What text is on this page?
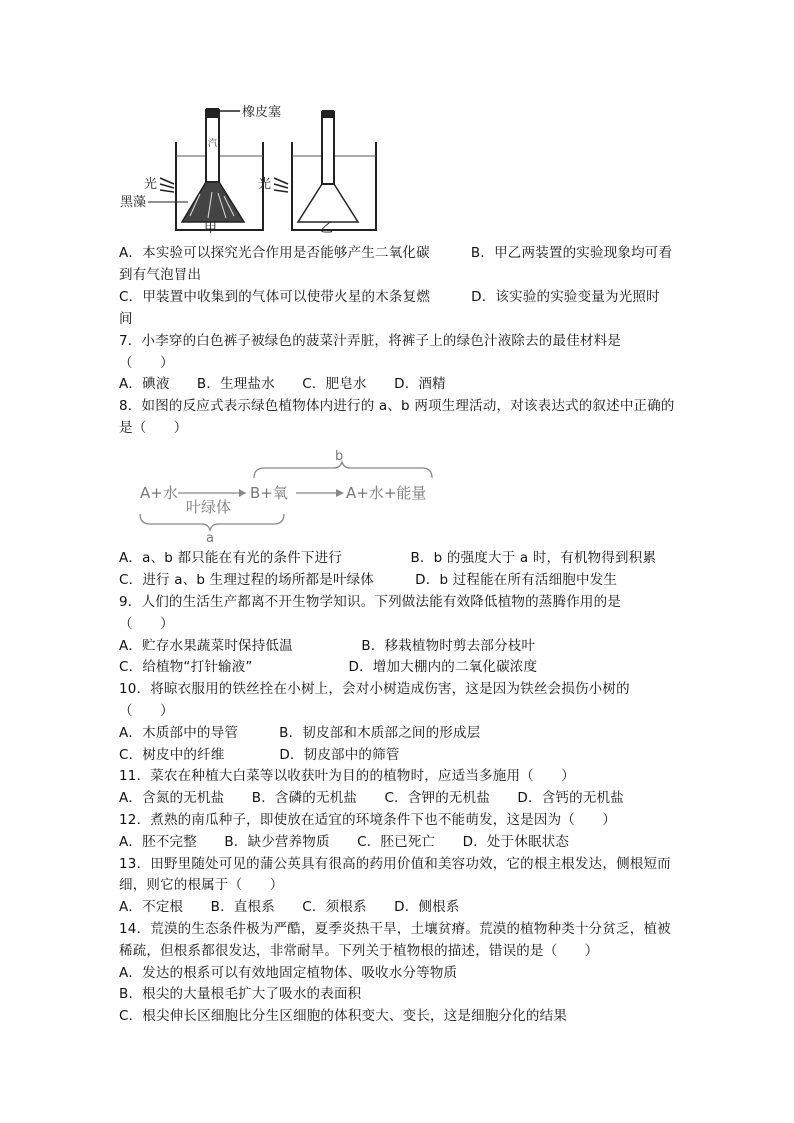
橡皮塞
汽
光
黑藻
甲
光
乙
A．本实验可以探究光合作用是否能够产生二氧化碳　　　B．甲乙两装置的实验现象均可看
到有气泡冒出
C．甲装置中收集到的气体可以使带火星的木条复燃　　　D．该实验的实验变量为光照时
间
7．小李穿的白色裤子被绿色的菠菜汁弄脏，将裤子上的绿色汁液除去的最佳材料是
（　　）
A．碘液　　B．生理盐水　　C．肥皂水　　D．酒精
8．如图的反应式表示绿色植物体内进行的 a、b 两项生理活动，对该表达式的叙述中正确的
是（　　）
b
A+水
叶绿体
B+氧	A+水+能量
a
A．a、b 都只能在有光的条件下进行　　　　　B．b 的强度大于 a 时，有机物得到积累
C．进行 a、b 生理过程的场所都是叶绿体　　　D．b 过程能在所有活细胞中发生
9．人们的生活生产都离不开生物学知识。下列做法能有效降低植物的蒸腾作用的是
（　　）
A．贮存水果蔬菜时保持低温　　　　　B．移栽植物时剪去部分枝叶
C．给植物“打针输液”　　　　　　　D．增加大棚内的二氧化碳浓度
10．将晾衣服用的铁丝拴在小树上，会对小树造成伤害，这是因为铁丝会损伤小树的
（　　）
A．木质部中的导管　　　B．韧皮部和木质部之间的形成层
C．树皮中的纤维　　　　D．韧皮部中的筛管
11．菜农在种植大白菜等以收获叶为目的的植物时，应适当多施用（　　）
A．含氮的无机盐　　B．含磷的无机盐　　C．含钾的无机盐　　D．含钙的无机盐
12．煮熟的南瓜种子，即使放在适宜的环境条件下也不能萌发，这是因为（　　）
A．胚不完整　　B．缺少营养物质　　C．胚已死亡　　D．处于休眠状态
13．田野里随处可见的蒲公英具有很高的药用价值和美容功效，它的根主根发达，侧根短而
细，则它的根属于（　　）
A．不定根　　B．直根系　　C．须根系　　D．侧根系
14．荒漠的生态条件极为严酷，夏季炎热干旱，土壤贫瘠。荒漠的植物种类十分贫乏，植被
稀疏，但根系都很发达，非常耐旱。下列关于植物根的描述，错误的是（　　）
A．发达的根系可以有效地固定植物体、吸收水分等物质
B．根尖的大量根毛扩大了吸水的表面积
C．根尖伸长区细胞比分生区细胞的体积变大、变长，这是细胞分化的结果
